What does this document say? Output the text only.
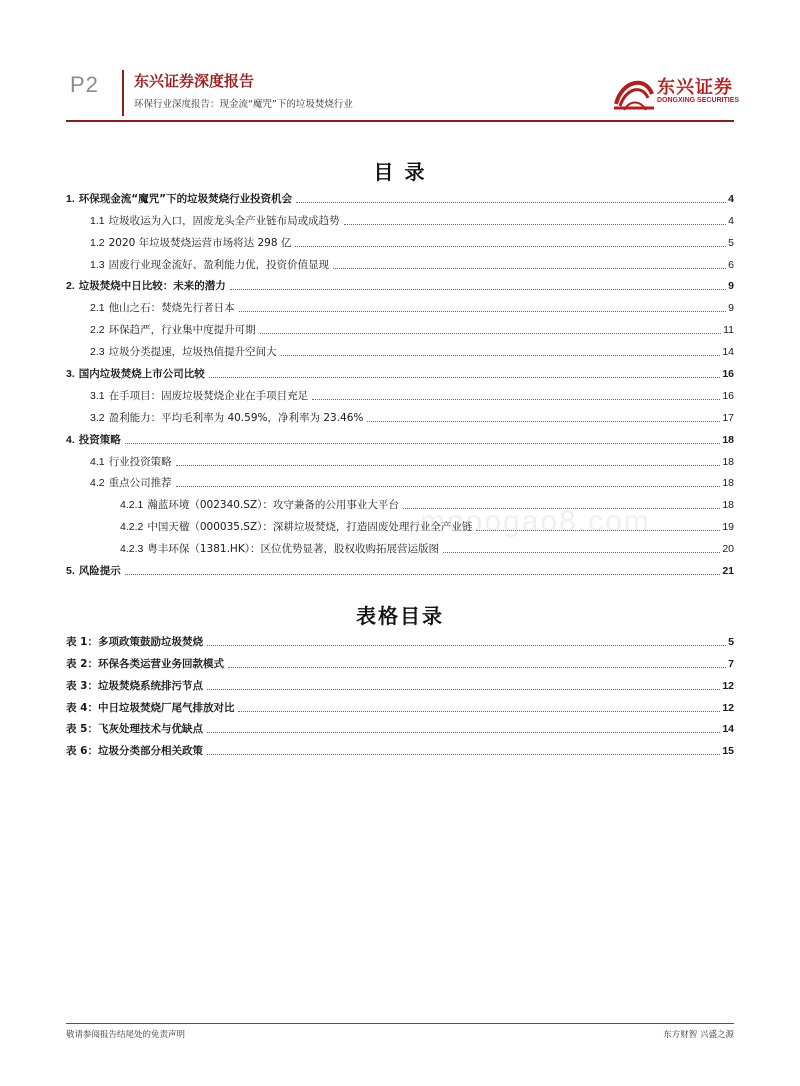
P2 东兴证券深度报告
环保行业深度报告：现金流“魔咒”下的垃圾焚烧行业
东兴证券
DONGXING SECURITIES
目 录
1. 环保现金流“魔咒”下的垃圾焚烧行业投资机会	4
1.1 垃圾收运为入口，固废龙头全产业链布局或成趋势	4
1.2 2020 年垃圾焚烧运营市场将达 298 亿	5
1.3 固废行业现金流好、盈利能力优，投资价值显现	6
2. 垃圾焚烧中日比较：未来的潜力	9
2.1 他山之石：焚烧先行者日本	9
2.2 环保趋严，行业集中度提升可期	11
2.3 垃圾分类提速，垃圾热值提升空间大	14
3. 国内垃圾焚烧上市公司比较	16
3.1 在手项目：固废垃圾焚烧企业在手项目充足	16
3.2 盈利能力：平均毛利率为 40.59%，净利率为 23.46%	17
4. 投资策略	18
4.1 行业投资策略	18
4.2 重点公司推荐	18
4.2.1 瀚蓝环境（002340.SZ）：攻守兼备的公用事业大平台	18
4.2.2 中国天楹（000035.SZ）：深耕垃圾焚烧，打造固废处理行业全产业链	19
4.2.3 粤丰环保（1381.HK）：区位优势显著，股权收购拓展营运版图	20
5. 风险提示	21
表格目录
表 1：多项政策鼓励垃圾焚烧	5
表 2：环保各类运营业务回款模式	7
表 3：垃圾焚烧系统排污节点	12
表 4：中日垃圾焚烧厂尾气排放对比	12
表 5：飞灰处理技术与优缺点	14
表 6：垃圾分类部分相关政策	15
mooogao8.com
敬请参阅报告结尾处的免责声明	东方财智 兴盛之源
